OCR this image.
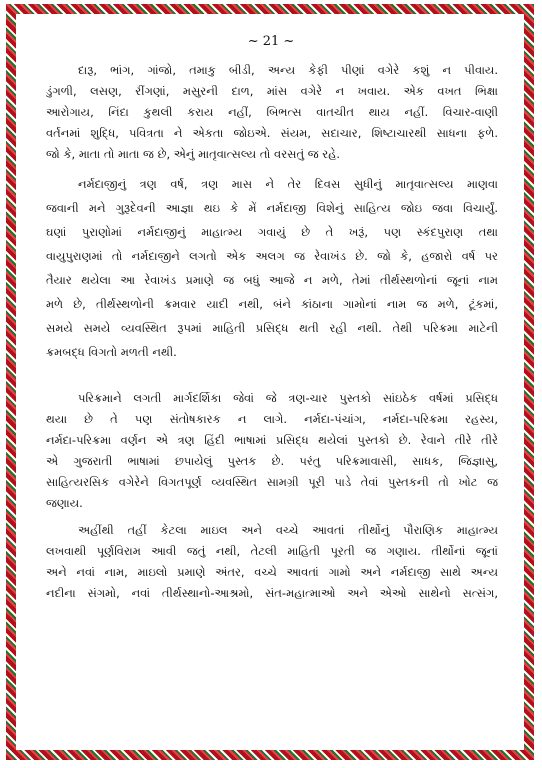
~ 21 ~
દારૂ, ભાંગ, ગાંજો, તમાકુ બીડી, અન્ય કેફી પીણાં વગેરે કશું ન પીવાય.
ડુંગળી, લસણ, રીંગણાં, મસુરની દાળ, માંસ વગેરે ન ખવાય. એક વખત ભિક્ષા
આરોગાય, નિંદા કુથલી કરાય નહીં, બિભત્સ વાતચીત થાય નહીં. વિચાર-વાણી
વર્તનમાં શુદ્ધિ, પવિત્રતા ને એકતા જોઇએ. સંયમ, સદાચાર, શિષ્ટાચારથી સાધના ફળે.
જો કે, માતા તો માતા જ છે, એનું માતૃવાત્સલ્ય તો વરસતું જ રહે.
નર્મદાજીનું ત્રણ વર્ષ, ત્રણ માસ ને તેર દિવસ સુધીનું માતૃવાત્સલ્ય માણવા
જવાની મને ગુરૂદેવની આજ્ઞા થઇ કે મેં નર્મદાજી વિશેનું સાહિત્ય જોઇ જવા વિચાર્યું.
ઘણાં પુરાણોમાં નર્મદાજીનું માહાત્મ્ય ગવાયું છે તે ખરૂં, પણ સ્કંદપુરાણ તથા
વાયુપુરાણમાં તો નર્મદાજીને લગતો એક અલગ જ રેવાખંડ છે. જો કે, હજારો વર્ષ પર
તૈયાર થયેલા આ રેવાખંડ પ્રમાણે જ બધું આજે ન મળે, તેમાં તીર્થસ્થળોનાં જૂનાં નામ
મળે છે, તીર્થસ્થળોની ક્રમવાર યાદી નથી, બંને કાંઠાના ગામોનાં નામ જ મળે, ટૂંકમાં,
સમયે સમયે વ્યવસ્થિત રૂપમાં માહિતી પ્રસિદ્ધ થતી રહી નથી. તેથી પરિક્રમા માટેની
ક્રમબદ્ધ વિગતો મળતી નથી.
પરિક્રમાને લગતી માર્ગદર્શિકા જેવાં જે ત્રણ-ચાર પુસ્તકો સાંઇઠેક વર્ષમાં પ્રસિદ્ધ
થયા છે તે પણ સંતોષકારક ન લાગે. નર્મદા-પંચાંગ, નર્મદા-પરિક્રમા રહસ્ય,
નર્મદા-પરિક્રમા વર્ણન એ ત્રણ હિંદી ભાષામાં પ્રસિદ્ધ થયેલાં પુસ્તકો છે. રેવાને તીરે તીરે
એ ગુજરાતી ભાષામાં છપાયેલું પુસ્તક છે. પરંતુ પરિક્રમાવાસી, સાધક, જિજ્ઞાસુ,
સાહિત્યરસિક વગેરેને વિગતપૂર્ણ વ્યવસ્થિત સામગ્રી પૂરી પાડે તેવાં પુસ્તકની તો ખોટ જ
જણાય.
અહીંથી તહીં કેટલા માઇલ અને વચ્ચે આવતાં તીર્થોનું પૌરાણિક માહાત્મ્ય
લખવાથી પૂર્ણવિરામ આવી જતું નથી, તેટલી માહિતી પૂરતી જ ગણાય. તીર્થોનાં જૂનાં
અને નવાં નામ, માઇલો પ્રમાણે અંતર, વચ્ચે આવતાં ગામો અને નર્મદાજી સાથે અન્ય
નદીના સંગમો, નવાં તીર્થસ્થાનો-આશ્રમો, સંત-મહાત્માઓ અને એઓ સાથેનો સત્સંગ,
